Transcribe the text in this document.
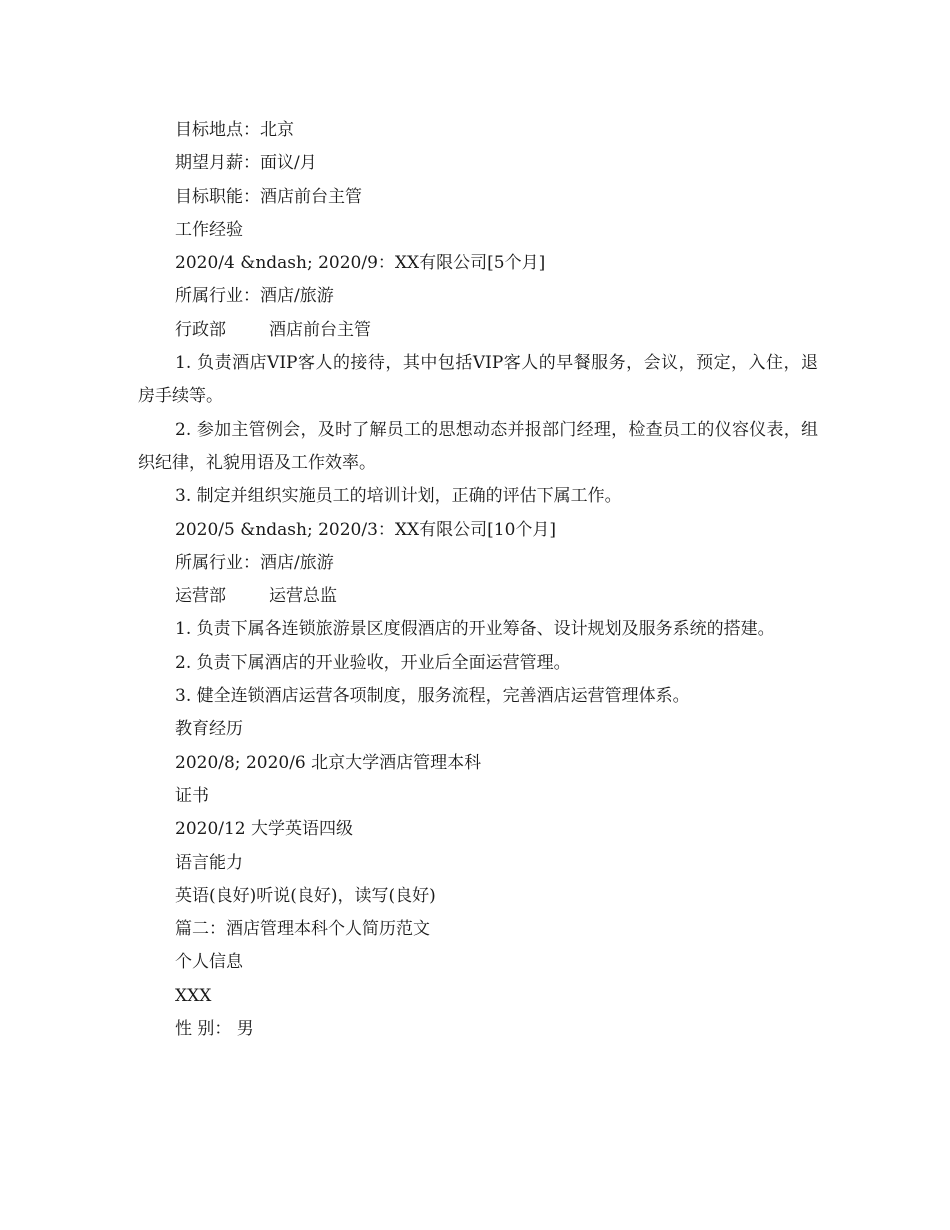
目标地点：北京

期望月薪：面议/月

目标职能：酒店前台主管

工作经验

2020/4 &ndash; 2020/9：XX有限公司[5个月]

所属行业：酒店/旅游

行政部	酒店前台主管

1. 负责酒店VIP客人的接待，其中包括VIP客人的早餐服务，会议，预定，入住，退房手续等。

2. 参加主管例会，及时了解员工的思想动态并报部门经理，检查员工的仪容仪表，组织纪律，礼貌用语及工作效率。

3. 制定并组织实施员工的培训计划，正确的评估下属工作。

2020/5 &ndash; 2020/3：XX有限公司[10个月]

所属行业：酒店/旅游

运营部	运营总监

1. 负责下属各连锁旅游景区度假酒店的开业筹备、设计规划及服务系统的搭建。

2. 负责下属酒店的开业验收，开业后全面运营管理。

3. 健全连锁酒店运营各项制度，服务流程，完善酒店运营管理体系。

教育经历

2020/8; 2020/6 北京大学酒店管理本科

证书

2020/12 大学英语四级

语言能力

英语(良好)听说(良好)，读写(良好)

篇二：酒店管理本科个人简历范文

个人信息

XXX

性 别： 男
